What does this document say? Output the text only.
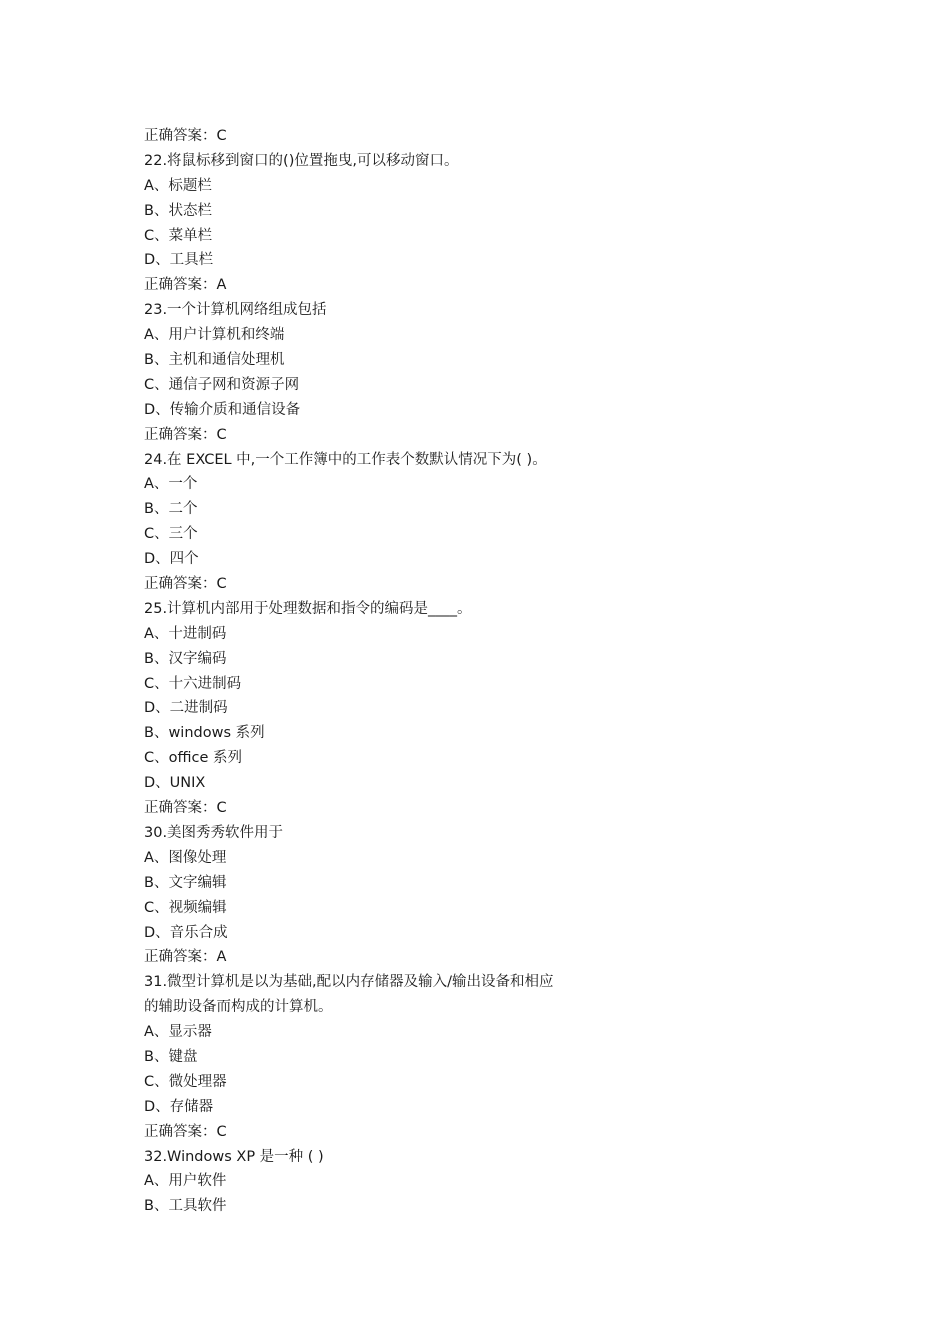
正确答案：C
22.将鼠标移到窗口的()位置拖曳,可以移动窗口。
A、标题栏
B、状态栏
C、菜单栏
D、工具栏
正确答案：A
23.一个计算机网络组成包括
A、用户计算机和终端
B、主机和通信处理机
C、通信子网和资源子网
D、传输介质和通信设备
正确答案：C
24.在 EXCEL 中,一个工作簿中的工作表个数默认情况下为( )。
A、一个
B、二个
C、三个
D、四个
正确答案：C
25.计算机内部用于处理数据和指令的编码是____。
A、十进制码
B、汉字编码
C、十六进制码
D、二进制码
B、windows 系列
C、office 系列
D、UNIX
正确答案：C
30.美图秀秀软件用于
A、图像处理
B、文字编辑
C、视频编辑
D、音乐合成
正确答案：A
31.微型计算机是以为基础,配以内存储器及输入/输出设备和相应
的辅助设备而构成的计算机。
A、显示器
B、键盘
C、微处理器
D、存储器
正确答案：C
32.Windows XP 是一种 ( )
A、用户软件
B、工具软件
